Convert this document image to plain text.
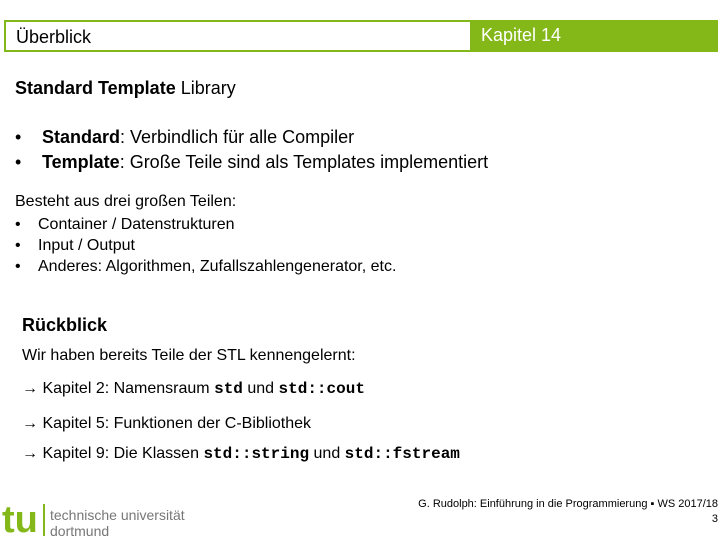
Überblick	Kapitel 14
Standard Template Library
• Standard: Verbindlich für alle Compiler
• Template: Große Teile sind als Templates implementiert
Besteht aus drei großen Teilen:
• Container / Datenstrukturen
• Input / Output
• Anderes: Algorithmen, Zufallszahlengenerator, etc.
Rückblick
Wir haben bereits Teile der STL kennengelernt:
→ Kapitel 2: Namensraum std und std::cout
→ Kapitel 5: Funktionen der C-Bibliothek
→ Kapitel 9: Die Klassen std::string und std::fstream
tu technische universität
dortmund
G. Rudolph: Einführung in die Programmierung ▪ WS 2017/18
3
